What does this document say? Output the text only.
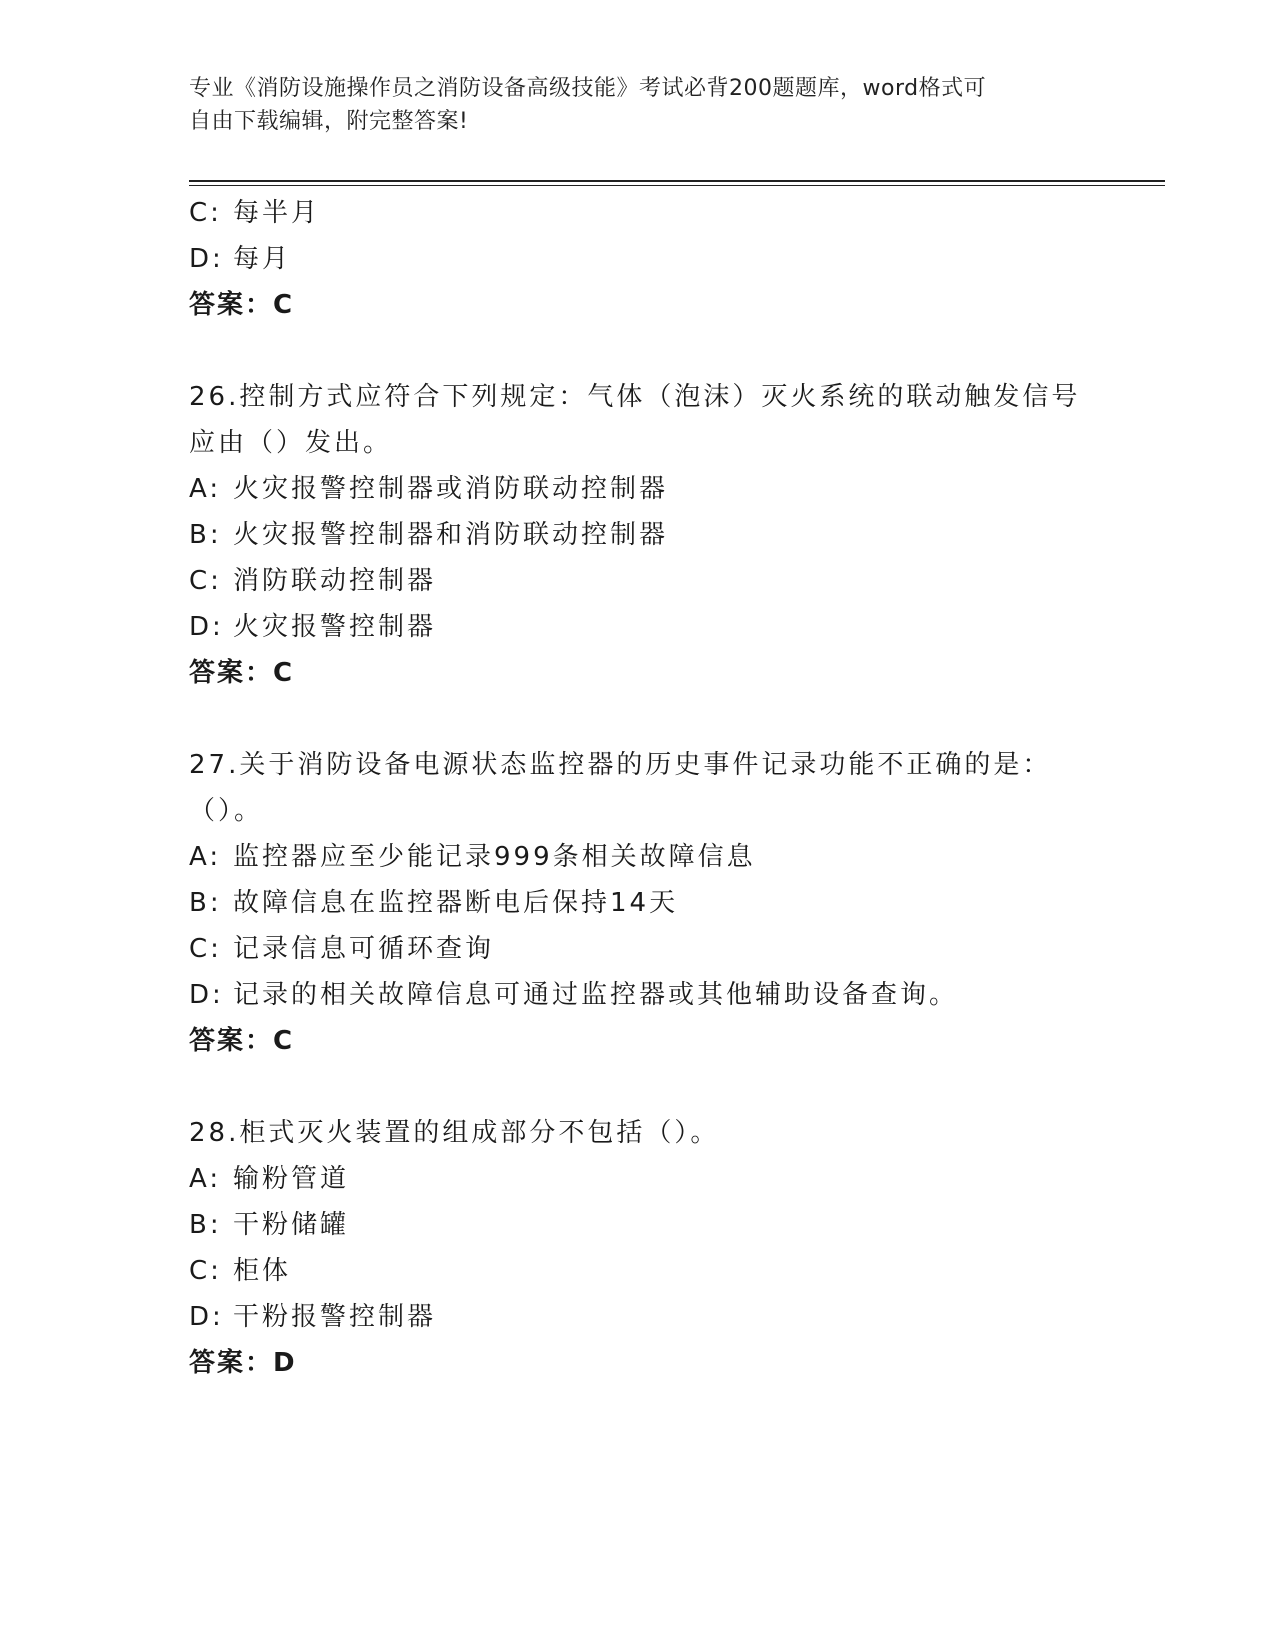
专业《消防设施操作员之消防设备高级技能》考试必背200题题库，word格式可
自由下载编辑，附完整答案!
C: 每半月
D: 每月
答案：C
26.控制方式应符合下列规定：气体（泡沫）灭火系统的联动触发信号应由（）发出。
A: 火灾报警控制器或消防联动控制器
B: 火灾报警控制器和消防联动控制器
C: 消防联动控制器
D: 火灾报警控制器
答案：C
27.关于消防设备电源状态监控器的历史事件记录功能不正确的是：（）。
A: 监控器应至少能记录999条相关故障信息
B: 故障信息在监控器断电后保持14天
C: 记录信息可循环查询
D: 记录的相关故障信息可通过监控器或其他辅助设备查询。
答案：C
28.柜式灭火装置的组成部分不包括（）。
A: 输粉管道
B: 干粉储罐
C: 柜体
D: 干粉报警控制器
答案：D
